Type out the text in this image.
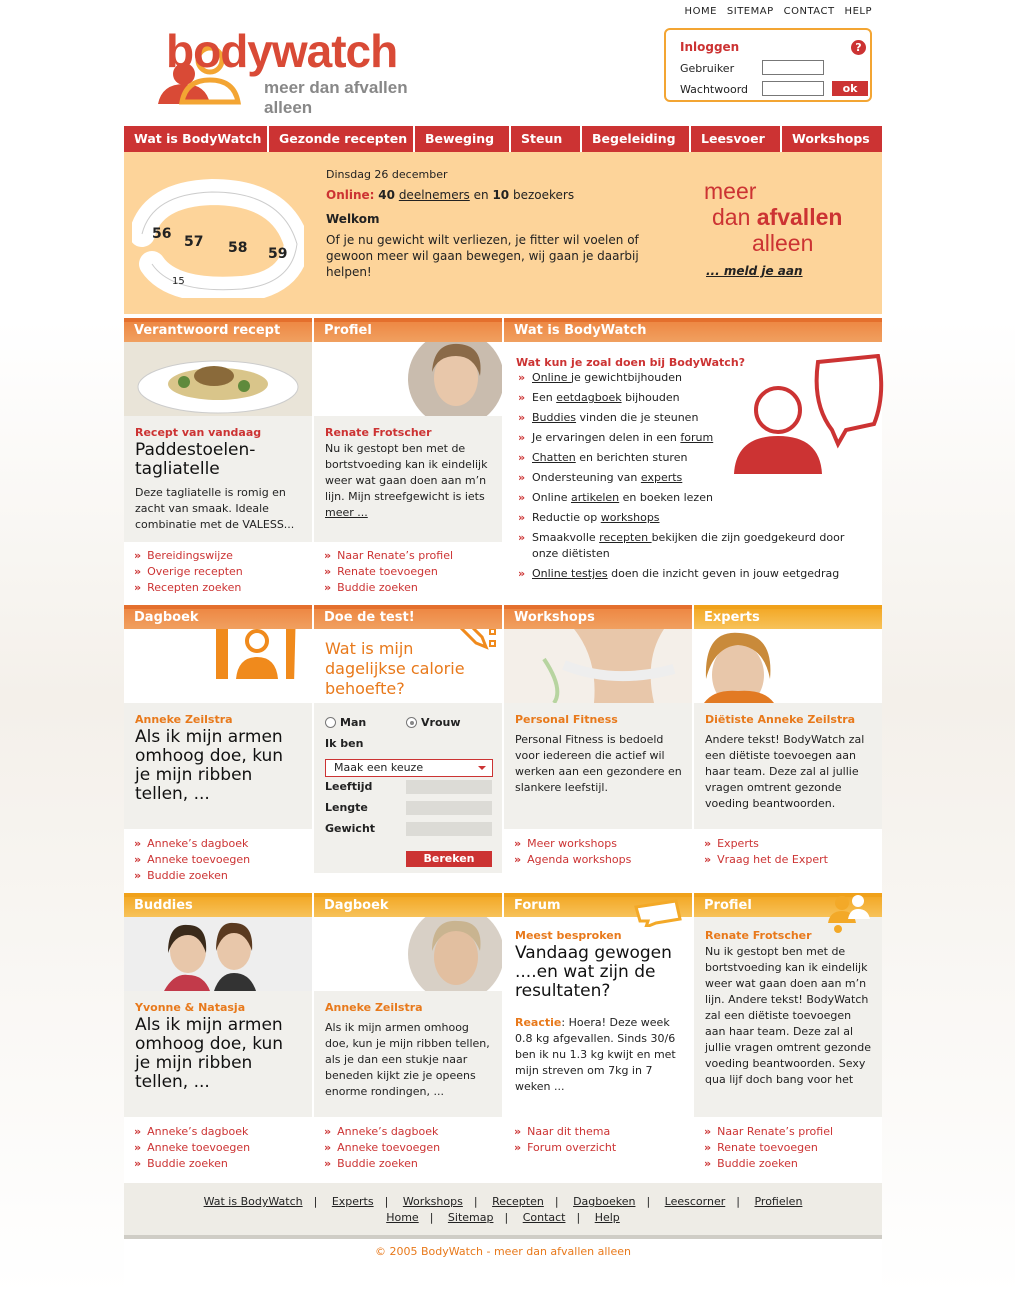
HOME SITEMAP CONTACT HELP
bodywatch
meer dan afvallen alleen
Inloggen	?
Gebruiker
Wachtwoord	ok
Wat is BodyWatch	Gezonde recepten	Beweging	Steun	Begeleiding	Leesvoer	Workshops
56 57 58 59
15
Dinsdag 26 december
Online: 40 deelnemers en 10 bezoekers
Welkom
Of je nu gewicht wilt verliezen, je fitter wil voelen of gewoon meer wil gaan bewegen, wij gaan je daarbij helpen!
meer
dan afvallen
alleen
... meld je aan
Verantwoord recept
Recept van vandaag
Paddestoelen-tagliatelle
Deze tagliatelle is romig en zacht van smaak. Ideale combinatie met de VALESS...
» Bereidingswijze
» Overige recepten
» Recepten zoeken
Profiel
Renate Frotscher
Nu ik gestopt ben met de bortstvoeding kan ik eindelijk weer wat gaan doen aan m’n lijn. Mijn streefgewicht is iets meer ...
» Naar Renate’s profiel
» Renate toevoegen
» Buddie zoeken
Wat is BodyWatch
Wat kun je zoal doen bij BodyWatch?
» Online je gewichtbijhouden
» Een eetdagboek bijhouden
» Buddies vinden die je steunen
» Je ervaringen delen in een forum
» Chatten en berichten sturen
» Ondersteuning van experts
» Online artikelen en boeken lezen
» Reductie op workshops
» Smaakvolle recepten bekijken die zijn goedgekeurd door onze diëtisten
» Online testjes doen die inzicht geven in jouw eetgedrag
Dagboek
Anneke Zeilstra
Als ik mijn armen omhoog doe, kun je mijn ribben tellen, ...
» Anneke’s dagboek
» Anneke toevoegen
» Buddie zoeken
Doe de test!
Wat is mijn dagelijkse calorie behoefte?
Man	Vrouw
Ik ben
Maak een keuze
Leeftijd
Lengte
Gewicht
Bereken
Workshops
Personal Fitness
Personal Fitness is bedoeld voor iedereen die actief wil werken aan een gezondere en slankere leefstijl.
» Meer workshops
» Agenda workshops
Experts
Diëtiste Anneke Zeilstra
Andere tekst! BodyWatch zal een diëtiste toevoegen aan haar team. Deze zal al jullie vragen omtrent gezonde voeding beantwoorden.
» Experts
» Vraag het de Expert
Buddies
Yvonne & Natasja
Als ik mijn armen omhoog doe, kun je mijn ribben tellen, ...
» Anneke’s dagboek
» Anneke toevoegen
» Buddie zoeken
Dagboek
Anneke Zeilstra
Als ik mijn armen omhoog doe, kun je mijn ribben tellen, als je dan een stukje naar beneden kijkt zie je opeens enorme rondingen, ...
» Anneke’s dagboek
» Anneke toevoegen
» Buddie zoeken
Forum
Meest besproken
Vandaag gewogen ....en wat zijn de resultaten?
Reactie: Hoera! Deze week 0.8 kg afgevallen. Sinds 30/6 ben ik nu 1.3 kg kwijt en met mijn streven om 7kg in 7 weken ...
» Naar dit thema
» Forum overzicht
Profiel
Renate Frotscher
Nu ik gestopt ben met de bortstvoeding kan ik eindelijk weer wat gaan doen aan m’n lijn. Andere tekst! BodyWatch zal een diëtiste toevoegen aan haar team. Deze zal al jullie vragen omtrent gezonde voeding beantwoorden. Sexy qua lijf doch bang voor het
» Naar Renate’s profiel
» Renate toevoegen
» Buddie zoeken
Wat is BodyWatch | Experts | Workshops | Recepten | Dagboeken | Leescorner | Profielen
Home | Sitemap | Contact | Help
© 2005 BodyWatch - meer dan afvallen alleen
